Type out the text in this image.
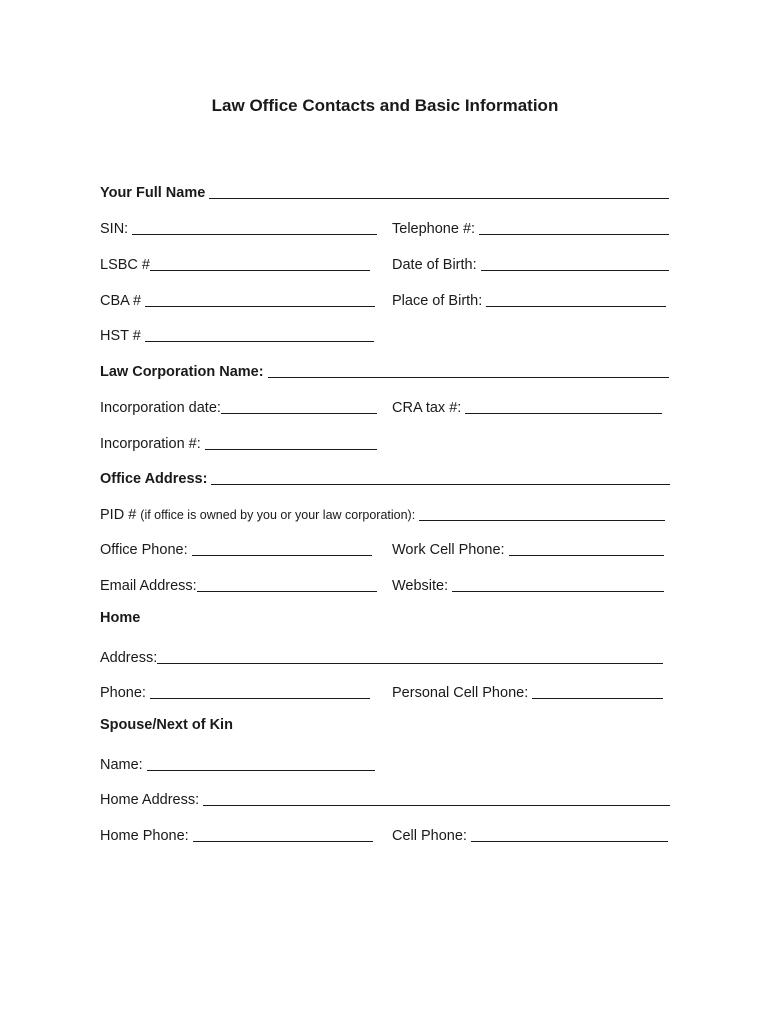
Law Office Contacts and Basic Information
Your Full Name
SIN:	Telephone #:
LSBC #	Date of Birth:
CBA #	Place of Birth:
HST #
Law Corporation Name:
Incorporation date:	CRA tax #:
Incorporation #:
Office Address:
PID # (if office is owned by you or your law corporation):
Office Phone:	Work Cell Phone:
Email Address:	Website:
Home
Address:
Phone:	Personal Cell Phone:
Spouse/Next of Kin
Name:
Home Address:
Home Phone:	Cell Phone:
